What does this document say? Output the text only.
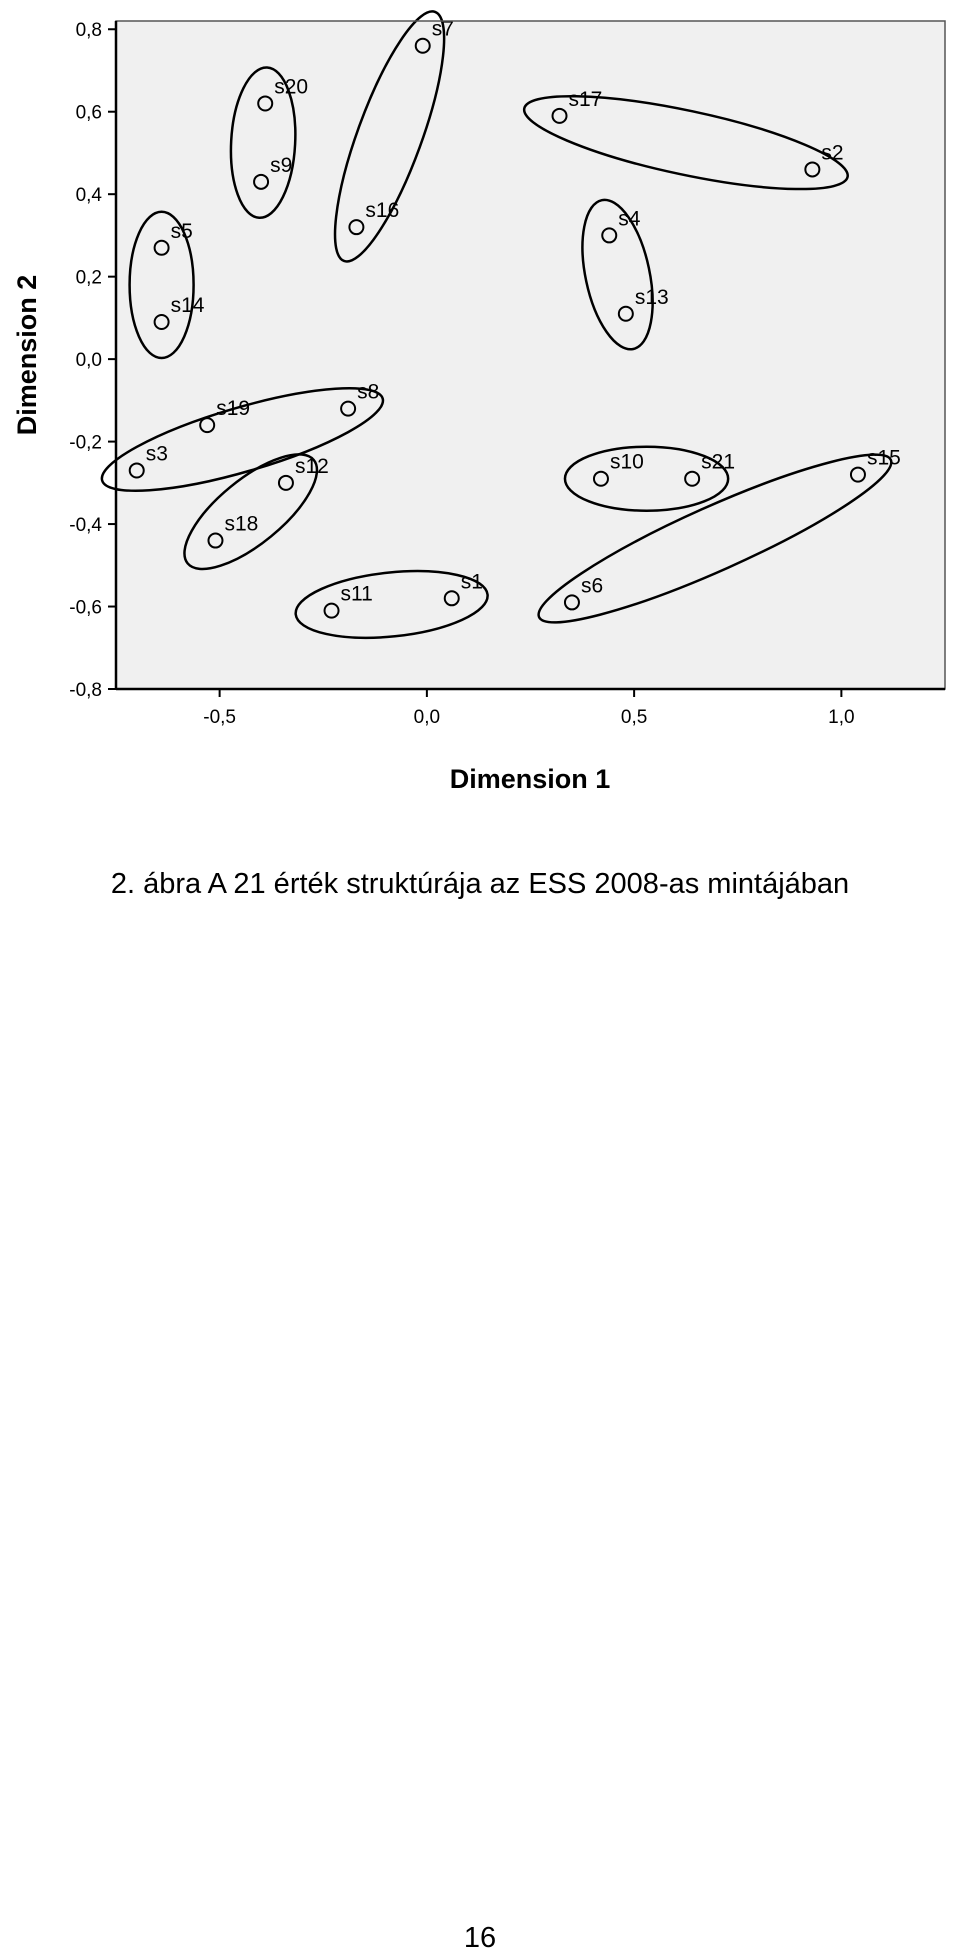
s1
s2
s3
s4
s5
s6
s7
s8
s9
s10
s11
s12
s13
s14
s15
s16
s17
s18
s19
s20
s21
-0,5	0,0	0,5	1,0
0,8
0,6
0,4
0,2
0,0
-0,2
-0,4
-0,6
-0,8
Dimension 1
Dimension 2
2. ábra A 21 érték struktúrája az ESS 2008-as mintájában
16
